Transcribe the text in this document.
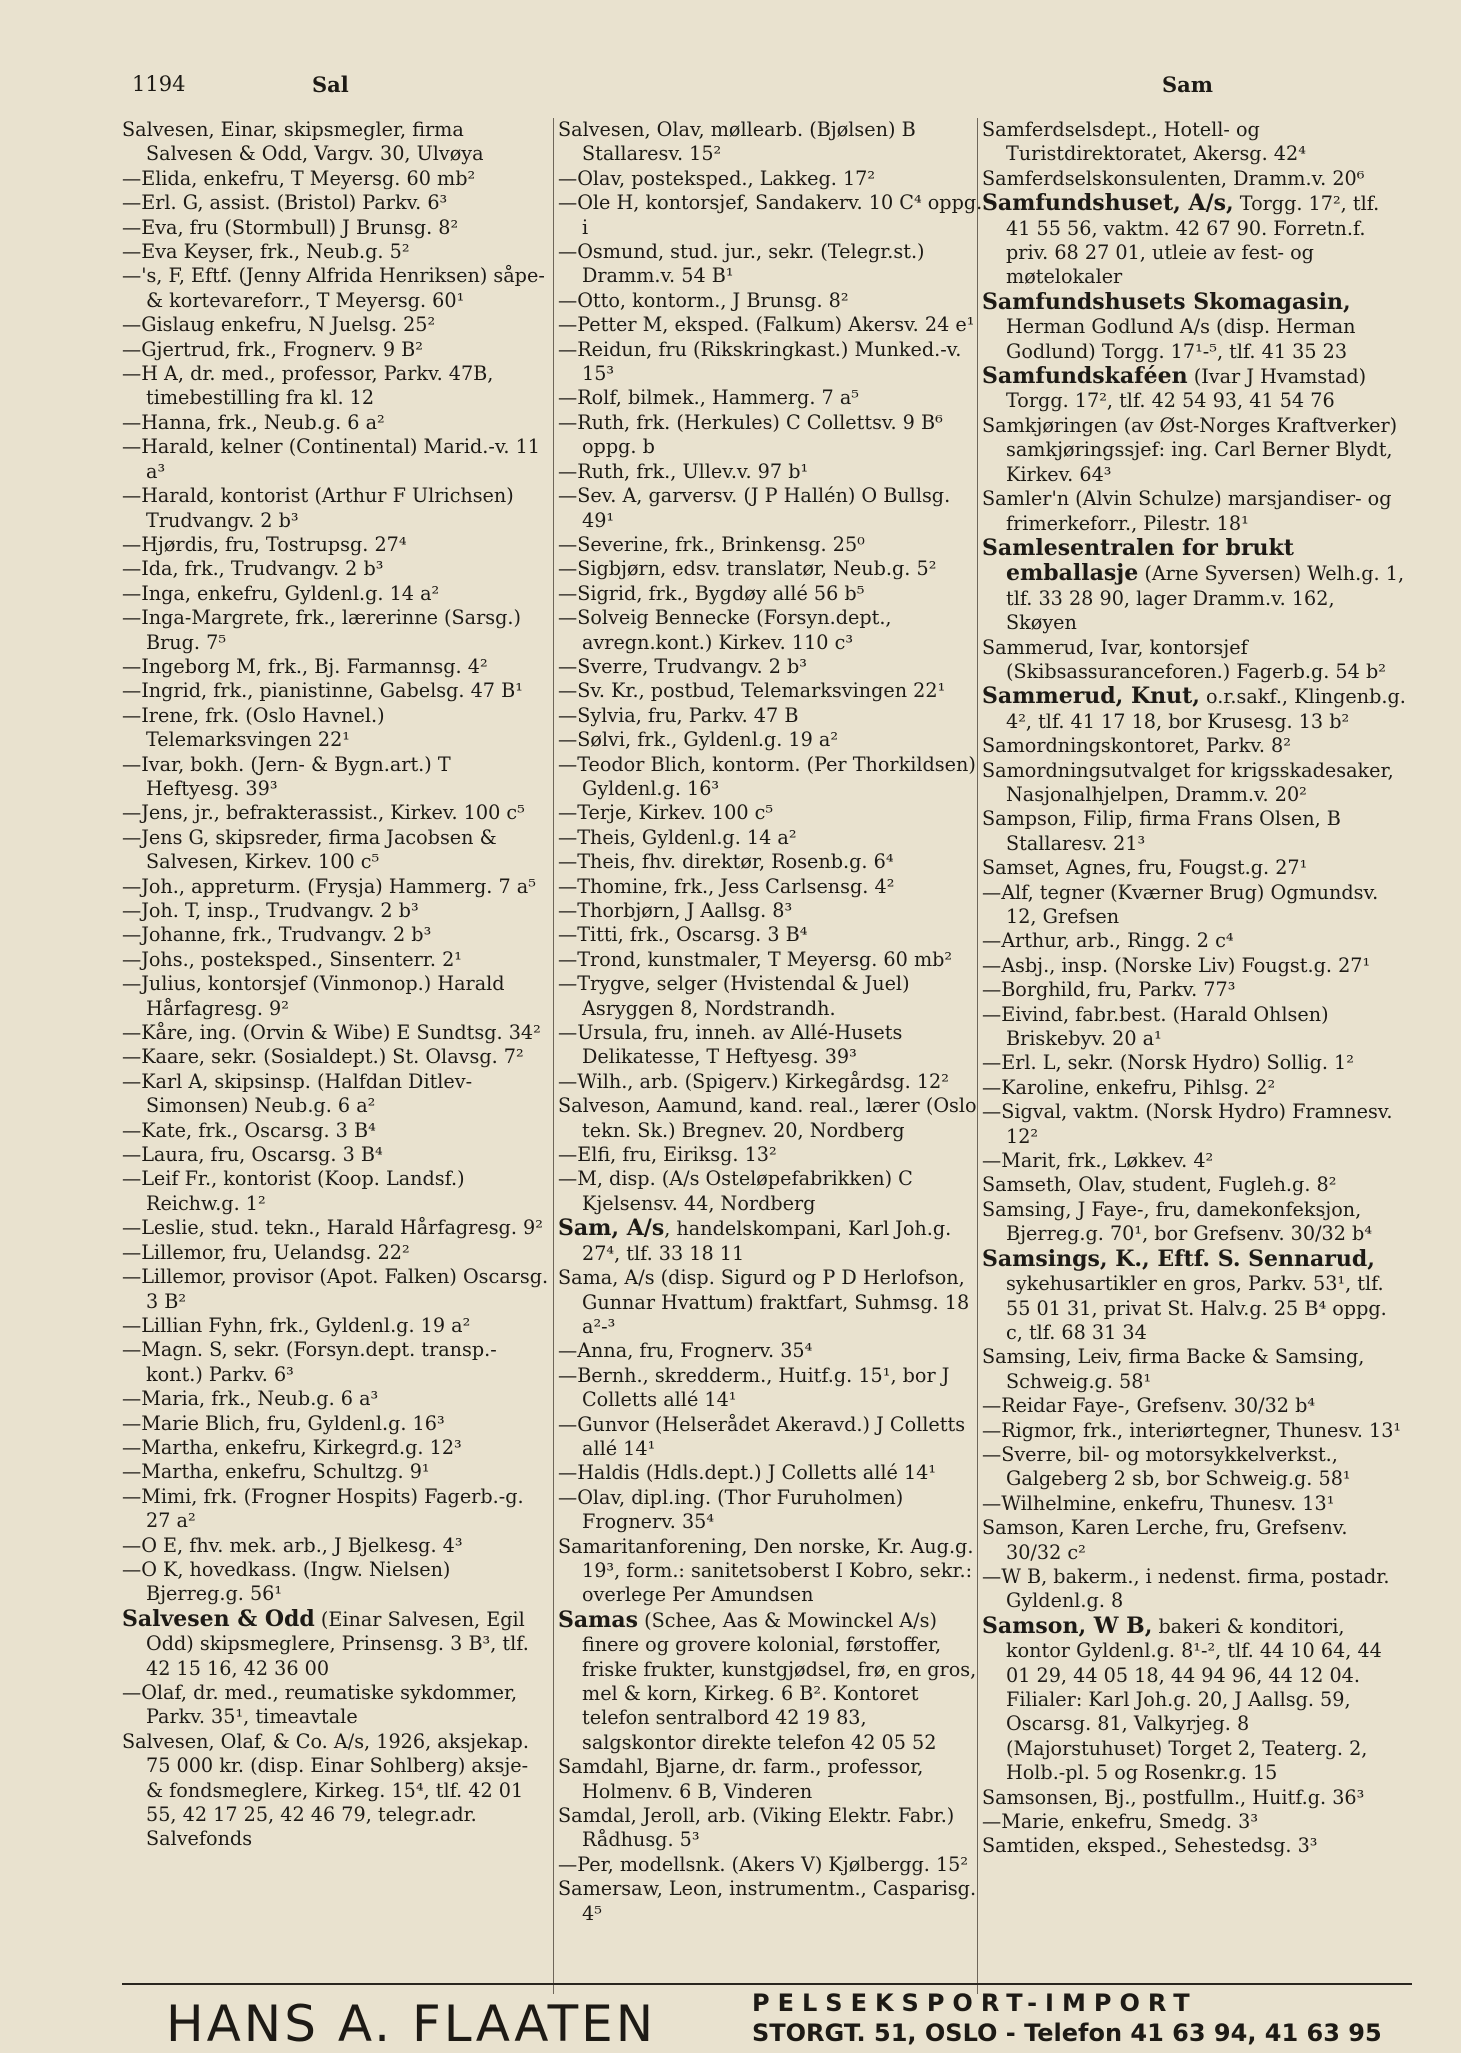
1194	Sal	Sam

Salvesen, Einar, skipsmegler, firma Salvesen & Odd, Vargv. 30, Ulvøya

—Elida, enkefru, T Meyersg. 60 mb²

—Erl. G, assist. (Bristol) Parkv. 6³

—Eva, fru (Stormbull) J Brunsg. 8²

—Eva Keyser, frk., Neub.g. 5²

—'s, F, Eftf. (Jenny Alfrida Henriksen) såpe- & kortevareforr., T Meyersg. 60¹

—Gislaug enkefru, N Juelsg. 25²

—Gjertrud, frk., Frognerv. 9 B²

—H A, dr. med., professor, Parkv. 47B, timebestilling fra kl. 12

—Hanna, frk., Neub.g. 6 a²

—Harald, kelner (Continental) Marid.-v. 11 a³

—Harald, kontorist (Arthur F Ulrichsen) Trudvangv. 2 b³

—Hjørdis, fru, Tostrupsg. 27⁴

—Ida, frk., Trudvangv. 2 b³

—Inga, enkefru, Gyldenl.g. 14 a²

—Inga-Margrete, frk., lærerinne (Sarsg.) Brug. 7⁵

—Ingeborg M, frk., Bj. Farmannsg. 4²

—Ingrid, frk., pianistinne, Gabelsg. 47 B¹

—Irene, frk. (Oslo Havnel.) Telemarksvingen 22¹

—Ivar, bokh. (Jern- & Bygn.art.) T Heftyesg. 39³

—Jens, jr., befrakterassist., Kirkev. 100 c⁵

—Jens G, skipsreder, firma Jacobsen & Salvesen, Kirkev. 100 c⁵

—Joh., appreturm. (Frysja) Hammerg. 7 a⁵

—Joh. T, insp., Trudvangv. 2 b³

—Johanne, frk., Trudvangv. 2 b³

—Johs., posteksped., Sinsenterr. 2¹

—Julius, kontorsjef (Vinmonop.) Harald Hårfagresg. 9²

—Kåre, ing. (Orvin & Wibe) E Sundtsg. 34²

—Kaare, sekr. (Sosialdept.) St. Olavsg. 7²

—Karl A, skipsinsp. (Halfdan Ditlev-Simonsen) Neub.g. 6 a²

—Kate, frk., Oscarsg. 3 B⁴

—Laura, fru, Oscarsg. 3 B⁴

—Leif Fr., kontorist (Koop. Landsf.) Reichw.g. 1²

—Leslie, stud. tekn., Harald Hårfagresg. 9²

—Lillemor, fru, Uelandsg. 22²

—Lillemor, provisor (Apot. Falken) Oscarsg. 3 B²

—Lillian Fyhn, frk., Gyldenl.g. 19 a²

—Magn. S, sekr. (Forsyn.dept. transp.-kont.) Parkv. 6³

—Maria, frk., Neub.g. 6 a³

—Marie Blich, fru, Gyldenl.g. 16³

—Martha, enkefru, Kirkegrd.g. 12³

—Martha, enkefru, Schultzg. 9¹

—Mimi, frk. (Frogner Hospits) Fagerb.-g. 27 a²

—O E, fhv. mek. arb., J Bjelkesg. 4³

—O K, hovedkass. (Ingw. Nielsen) Bjerreg.g. 56¹

Salvesen & Odd (Einar Salvesen, Egil Odd) skipsmeglere, Prinsensg. 3 B³, tlf. 42 15 16, 42 36 00

—Olaf, dr. med., reumatiske sykdommer, Parkv. 35¹, timeavtale

Salvesen, Olaf, & Co. A/s, 1926, aksjekap. 75 000 kr. (disp. Einar Sohlberg) aksje- & fondsmeglere, Kirkeg. 15⁴, tlf. 42 01 55, 42 17 25, 42 46 79, telegr.adr. Salvefonds

Salvesen, Olav, møllearb. (Bjølsen) B Stallaresv. 15²

—Olav, posteksped., Lakkeg. 17²

—Ole H, kontorsjef, Sandakerv. 10 C⁴ oppg. i

—Osmund, stud. jur., sekr. (Telegr.st.) Dramm.v. 54 B¹

—Otto, kontorm., J Brunsg. 8²

—Petter M, eksped. (Falkum) Akersv. 24 e¹

—Reidun, fru (Rikskringkast.) Munked.-v. 15³

—Rolf, bilmek., Hammerg. 7 a⁵

—Ruth, frk. (Herkules) C Collettsv. 9 B⁶ oppg. b

—Ruth, frk., Ullev.v. 97 b¹

—Sev. A, garversv. (J P Hallén) O Bullsg. 49¹

—Severine, frk., Brinkensg. 25⁰

—Sigbjørn, edsv. translatør, Neub.g. 5²

—Sigrid, frk., Bygdøy allé 56 b⁵

—Solveig Bennecke (Forsyn.dept., avregn.kont.) Kirkev. 110 c³

—Sverre, Trudvangv. 2 b³

—Sv. Kr., postbud, Telemarksvingen 22¹

—Sylvia, fru, Parkv. 47 B

—Sølvi, frk., Gyldenl.g. 19 a²

—Teodor Blich, kontorm. (Per Thorkildsen) Gyldenl.g. 16³

—Terje, Kirkev. 100 c⁵

—Theis, Gyldenl.g. 14 a²

—Theis, fhv. direktør, Rosenb.g. 6⁴

—Thomine, frk., Jess Carlsensg. 4²

—Thorbjørn, J Aallsg. 8³

—Titti, frk., Oscarsg. 3 B⁴

—Trond, kunstmaler, T Meyersg. 60 mb²

—Trygve, selger (Hvistendal & Juel) Asryggen 8, Nordstrandh.

—Ursula, fru, inneh. av Allé-Husets Delikatesse, T Heftyesg. 39³

—Wilh., arb. (Spigerv.) Kirkegårdsg. 12²

Salveson, Aamund, kand. real., lærer (Oslo tekn. Sk.) Bregnev. 20, Nordberg

—Elfi, fru, Eiriksg. 13²

—M, disp. (A/s Osteløpefabrikken) C Kjelsensv. 44, Nordberg

Sam, A/s, handelskompani, Karl Joh.g. 27⁴, tlf. 33 18 11

Sama, A/s (disp. Sigurd og P D Herlofson, Gunnar Hvattum) fraktfart, Suhmsg. 18 a²-³

—Anna, fru, Frognerv. 35⁴

—Bernh., skredderm., Huitf.g. 15¹, bor J Colletts allé 14¹

—Gunvor (Helserådet Akeravd.) J Colletts allé 14¹

—Haldis (Hdls.dept.) J Colletts allé 14¹

—Olav, dipl.ing. (Thor Furuholmen) Frognerv. 35⁴

Samaritanforening, Den norske, Kr. Aug.g. 19³, form.: sanitetsoberst I Kobro, sekr.: overlege Per Amundsen

Samas (Schee, Aas & Mowinckel A/s) finere og grovere kolonial, førstoffer, friske frukter, kunstgjødsel, frø, en gros, mel & korn, Kirkeg. 6 B². Kontoret telefon sentralbord 42 19 83, salgskontor direkte telefon 42 05 52

Samdahl, Bjarne, dr. farm., professor, Holmenv. 6 B, Vinderen

Samdal, Jeroll, arb. (Viking Elektr. Fabr.) Rådhusg. 5³

—Per, modellsnk. (Akers V) Kjølbergg. 15²

Samersaw, Leon, instrumentm., Casparisg. 4⁵

Samferdselsdept., Hotell- og Turistdirektoratet, Akersg. 42⁴

Samferdselskonsulenten, Dramm.v. 20⁶

Samfundshuset, A/s, Torgg. 17², tlf. 41 55 56, vaktm. 42 67 90. Forretn.f. priv. 68 27 01, utleie av fest- og møtelokaler

Samfundshusets Skomagasin, Herman Godlund A/s (disp. Herman Godlund) Torgg. 17¹-⁵, tlf. 41 35 23

Samfundskaféen (Ivar J Hvamstad) Torgg. 17², tlf. 42 54 93, 41 54 76

Samkjøringen (av Øst-Norges Kraftverker) samkjøringssjef: ing. Carl Berner Blydt, Kirkev. 64³

Samler'n (Alvin Schulze) marsjandiser- og frimerkeforr., Pilestr. 18¹

Samlesentralen for brukt emballasje (Arne Syversen) Welh.g. 1, tlf. 33 28 90, lager Dramm.v. 162, Skøyen

Sammerud, Ivar, kontorsjef (Skibsassuranceforen.) Fagerb.g. 54 b²

Sammerud, Knut, o.r.sakf., Klingenb.g. 4², tlf. 41 17 18, bor Krusesg. 13 b²

Samordningskontoret, Parkv. 8²

Samordningsutvalget for krigsskadesaker, Nasjonalhjelpen, Dramm.v. 20²

Sampson, Filip, firma Frans Olsen, B Stallaresv. 21³

Samset, Agnes, fru, Fougst.g. 27¹

—Alf, tegner (Kværner Brug) Ogmundsv. 12, Grefsen

—Arthur, arb., Ringg. 2 c⁴

—Asbj., insp. (Norske Liv) Fougst.g. 27¹

—Borghild, fru, Parkv. 77³

—Eivind, fabr.best. (Harald Ohlsen) Briskebyv. 20 a¹

—Erl. L, sekr. (Norsk Hydro) Sollig. 1²

—Karoline, enkefru, Pihlsg. 2²

—Sigval, vaktm. (Norsk Hydro) Framnesv. 12²

—Marit, frk., Løkkev. 4²

Samseth, Olav, student, Fugleh.g. 8²

Samsing, J Faye-, fru, damekonfeksjon, Bjerreg.g. 70¹, bor Grefsenv. 30/32 b⁴

Samsings, K., Eftf. S. Sennarud, sykehusartikler en gros, Parkv. 53¹, tlf. 55 01 31, privat St. Halv.g. 25 B⁴ oppg. c, tlf. 68 31 34

Samsing, Leiv, firma Backe & Samsing, Schweig.g. 58¹

—Reidar Faye-, Grefsenv. 30/32 b⁴

—Rigmor, frk., interiørtegner, Thunesv. 13¹

—Sverre, bil- og motorsykkelverkst., Galgeberg 2 sb, bor Schweig.g. 58¹

—Wilhelmine, enkefru, Thunesv. 13¹

Samson, Karen Lerche, fru, Grefsenv. 30/32 c²

—W B, bakerm., i nedenst. firma, postadr. Gyldenl.g. 8

Samson, W B, bakeri & konditori, kontor Gyldenl.g. 8¹-², tlf. 44 10 64, 44 01 29, 44 05 18, 44 94 96, 44 12 04. Filialer: Karl Joh.g. 20, J Aallsg. 59, Oscarsg. 81, Valkyrjeg. 8 (Majorstuhuset) Torget 2, Teaterg. 2, Holb.-pl. 5 og Rosenkr.g. 15

Samsonsen, Bj., postfullm., Huitf.g. 36³

—Marie, enkefru, Smedg. 3³

Samtiden, eksped., Sehestedsg. 3³

HANS A. FLAATEN	PELSEKSPORT-IMPORT
STORGT. 51, OSLO - Telefon 41 63 94, 41 63 95
